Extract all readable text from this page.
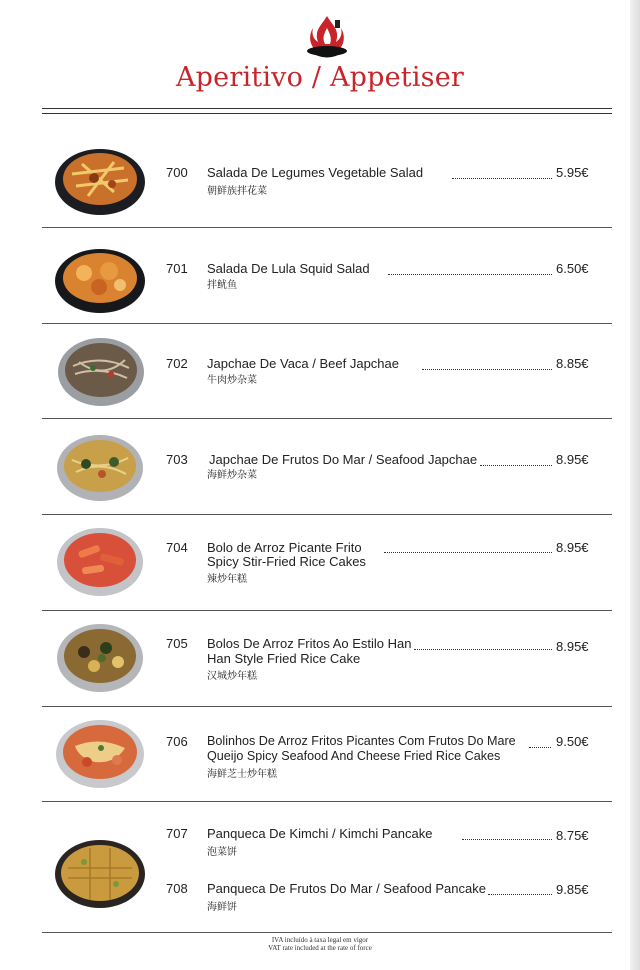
Aperitivo / Appetiser
700 Salada De Legumes Vegetable Salad	5.95€
朝鲜族拌花菜
701 Salada De Lula Squid Salad	6.50€
拌鱿鱼
702 Japchae De Vaca / Beef Japchae	8.85€
牛肉炒杂菜
703 Japchae De Frutos Do Mar / Seafood Japchae	8.95€
海鲜炒杂菜
704 Bolo de Arroz Picante Frito
Spicy Stir-Fried Rice Cakes
8.95€
辣炒年糕
705 Bolos De Arroz Fritos Ao Estilo Han
Han Style Fried Rice Cake
8.95€
汉城炒年糕
706 Bolinhos De Arroz Fritos Picantes Com Frutos Do Mare
Queijo Spicy Seafood And Cheese Fried Rice Cakes
9.50€
海鲜芝士炒年糕
707 Panqueca De Kimchi / Kimchi Pancake	8.75€
泡菜饼
708 Panqueca De Frutos Do Mar / Seafood Pancake	9.85€
海鲜饼
IVA incluído à taxa legal em vigor
VAT rate included at the rate of force
